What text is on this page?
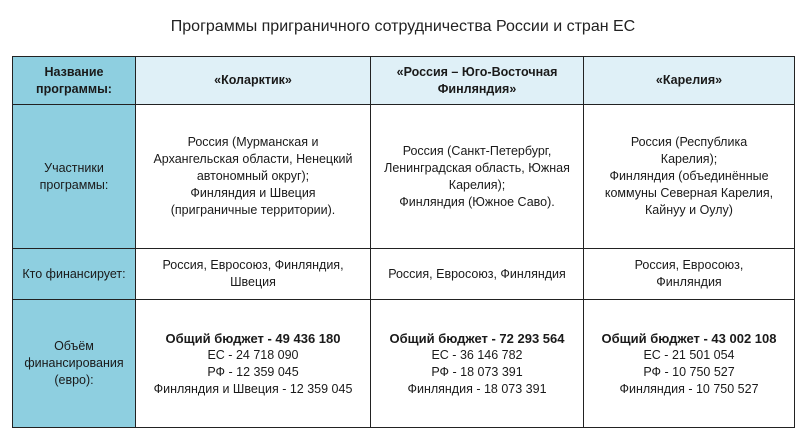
Программы приграничного сотрудничества России и стран ЕС
Название программы:	«Коларктик»	«Россия – Юго-Восточная Финляндия»	«Карелия»
Участники программы:	Россия (Мурманская и
Архангельская области, Ненецкий
автономный округ);
Финляндия и Швеция
(приграничные территории).	Россия (Санкт-Петербург,
Ленинградская область, Южная
Карелия);
Финляндия (Южное Саво).	Россия (Республика
Карелия);
Финляндия (объединённые
коммуны Северная Карелия,
Кайнуу и Оулу)

Кто финансирует:	Россия, Евросоюз, Финляндия,
Швеция	Россия, Евросоюз, Финляндия	Россия, Евросоюз,
Финляндия

Объём финансирования (евро):	Общий бюджет - 49 436 180
ЕС - 24 718 090
РФ - 12 359 045
Финляндия и Швеция - 12 359 045	Общий бюджет - 72 293 564
ЕС - 36 146 782
РФ - 18 073 391
Финляндия - 18 073 391	Общий бюджет - 43 002 108
ЕС - 21 501 054
РФ - 10 750 527
Финляндия - 10 750 527
